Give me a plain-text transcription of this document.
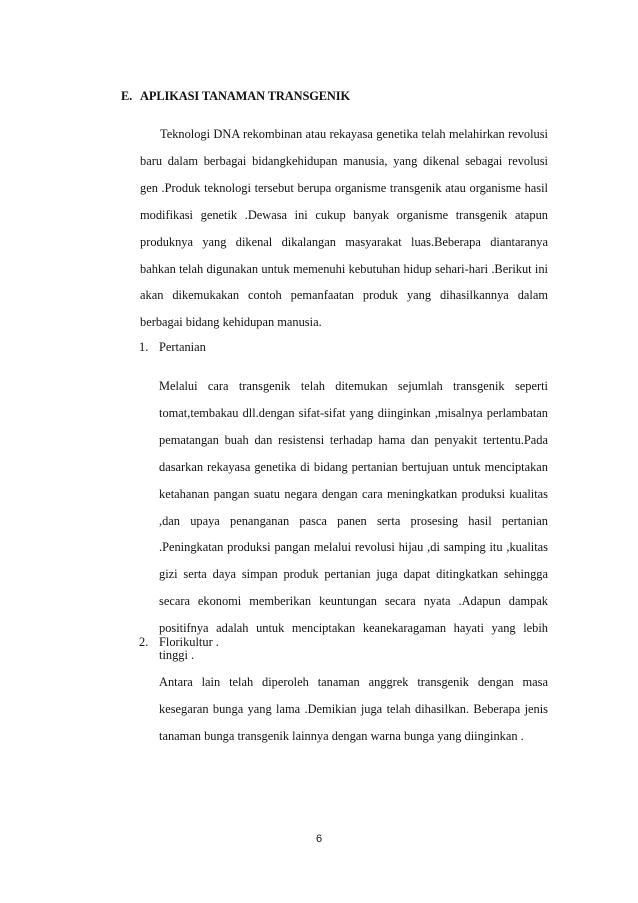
E. APLIKASI TANAMAN TRANSGENIK

Teknologi DNA rekombinan atau rekayasa genetika telah melahirkan revolusi baru dalam berbagai bidangkehidupan manusia, yang dikenal sebagai revolusi gen .Produk teknologi tersebut berupa organisme transgenik atau organisme hasil modifikasi genetik .Dewasa ini cukup banyak organisme transgenik atapun produknya yang dikenal dikalangan masyarakat luas.Beberapa diantaranya bahkan telah digunakan untuk memenuhi kebutuhan hidup sehari-hari .Berikut ini akan dikemukakan contoh pemanfaatan produk yang dihasilkannya dalam berbagai bidang kehidupan manusia.

1. Pertanian

Melalui cara transgenik telah ditemukan sejumlah transgenik seperti tomat,tembakau dll.dengan sifat-sifat yang diinginkan ,misalnya perlambatan pematangan buah dan resistensi terhadap hama dan penyakit tertentu.Pada dasarkan rekayasa genetika di bidang pertanian bertujuan untuk menciptakan ketahanan pangan suatu negara dengan cara meningkatkan produksi kualitas ,dan upaya penanganan pasca panen serta prosesing hasil pertanian .Peningkatan produksi pangan melalui revolusi hijau ,di samping itu ,kualitas gizi serta daya simpan produk pertanian juga dapat ditingkatkan sehingga secara ekonomi memberikan keuntungan secara nyata .Adapun dampak positifnya adalah untuk menciptakan keanekaragaman hayati yang lebih tinggi .

2. Florikultur .

Antara lain telah diperoleh tanaman anggrek transgenik dengan masa kesegaran bunga yang lama .Demikian juga telah dihasilkan. Beberapa jenis tanaman bunga transgenik lainnya dengan warna bunga yang diinginkan .

6
